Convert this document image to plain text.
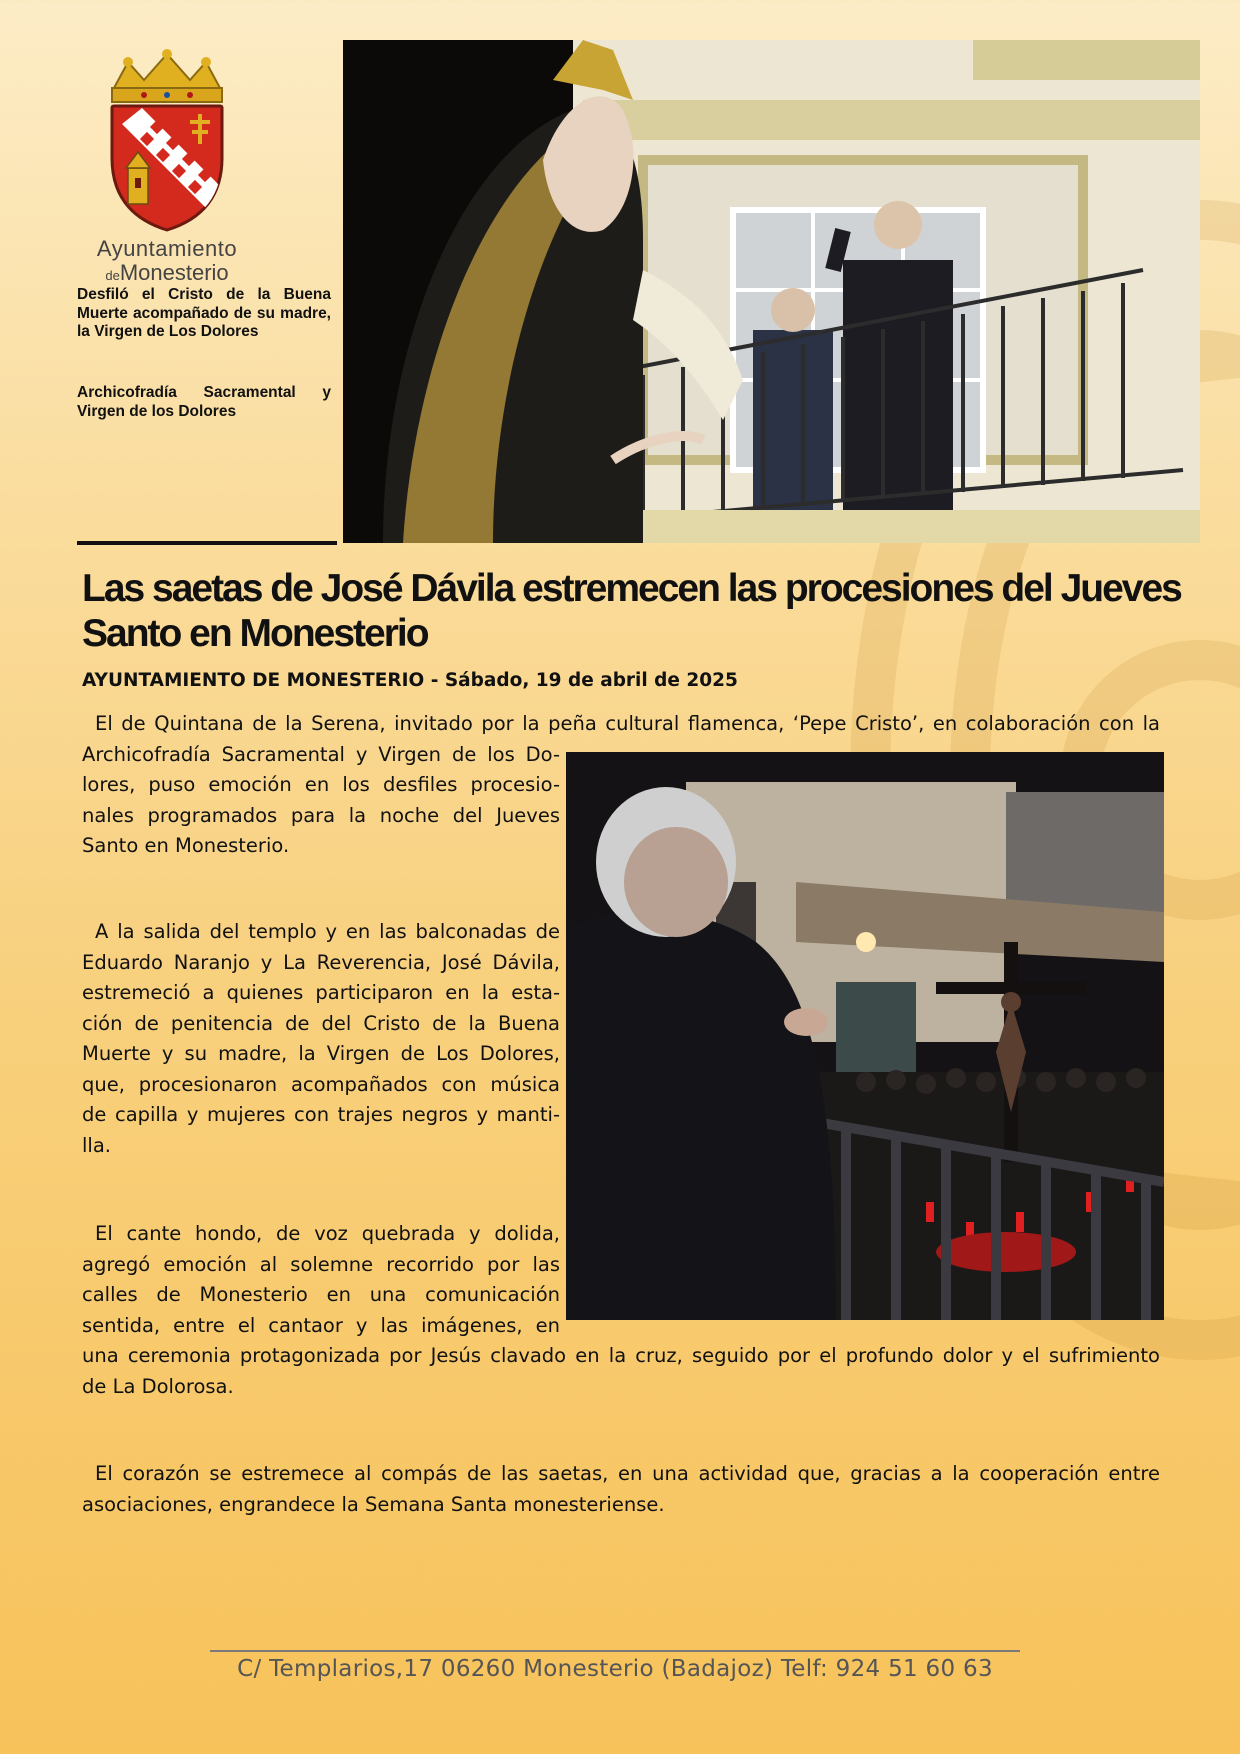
Ayuntamiento
deMonesterio
Desfiló el Cristo de la Buena Muerte acompañado de su madre, la Virgen de Los Dolores
Archicofradía Sacramental y Virgen de los Dolores
Las saetas de José Dávila estremecen las procesiones del Jueves Santo en Monesterio
AYUNTAMIENTO DE MONESTERIO - Sábado, 19 de abril de 2025
El de Quintana de la Serena, invitado por la peña cultural flamenca, ‘Pepe Cristo’, en colaboración con la
Archicofradía Sacramental y Virgen de los Do-
lores, puso emoción en los desfiles procesio-
nales programados para la noche del Jueves
Santo en Monesterio.
A la salida del templo y en las balconadas de
Eduardo Naranjo y La Reverencia, José Dávila,
estremeció a quienes participaron en la esta-
ción de penitencia de del Cristo de la Buena
Muerte y su madre, la Virgen de Los Dolores,
que, procesionaron acompañados con música
de capilla y mujeres con trajes negros y manti-
lla.
El cante hondo, de voz quebrada y dolida,
agregó emoción al solemne recorrido por las
calles de Monesterio en una comunicación
sentida, entre el cantaor y las imágenes, en
una ceremonia protagonizada por Jesús clavado en la cruz, seguido por el profundo dolor y el sufrimiento
de La Dolorosa.
El corazón se estremece al compás de las saetas, en una actividad que, gracias a la cooperación entre
asociaciones, engrandece la Semana Santa monesteriense.
C/ Templarios,17 06260 Monesterio (Badajoz) Telf: 924 51 60 63
